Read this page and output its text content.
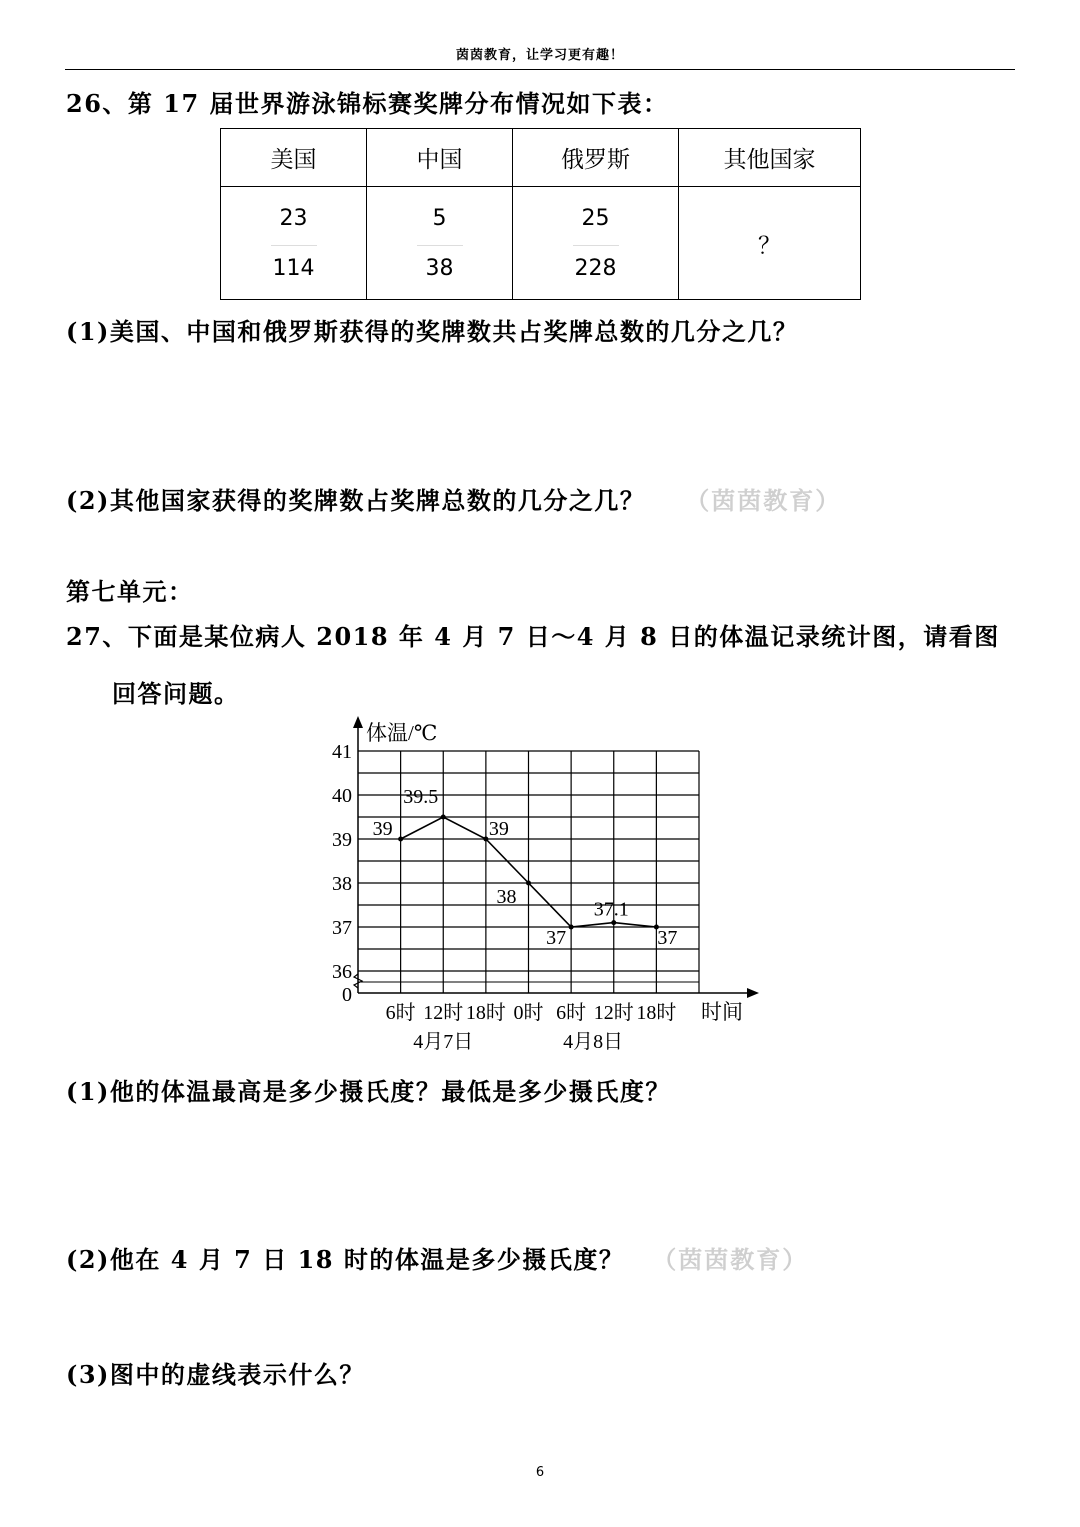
茵茵教育，让学习更有趣！
26、第 17 届世界游泳锦标赛奖牌分布情况如下表：
美国	中国	俄罗斯	其他国家

$\frac{23}{114}$	$\frac{5}{38}$	$\frac{25}{228}$	？
(1)美国、中国和俄罗斯获得的奖牌数共占奖牌总数的几分之几？
(2)其他国家获得的奖牌数占奖牌总数的几分之几？ （茵茵教育）
第七单元：
27、下面是某位病人 2018 年 4 月 7 日～4 月 8 日的体温记录统计图，请看图
回答问题。
39
39.5
39
38
37
37.1
37
41
40
39
38
37
36
0
6时 12时 18时 0时 6时 12时 18时
体温/℃
时间
4月7日	4月8日
(1)他的体温最高是多少摄氏度？最低是多少摄氏度？
(2)他在 4 月 7 日 18 时的体温是多少摄氏度？ （茵茵教育）
(3)图中的虚线表示什么？
6
